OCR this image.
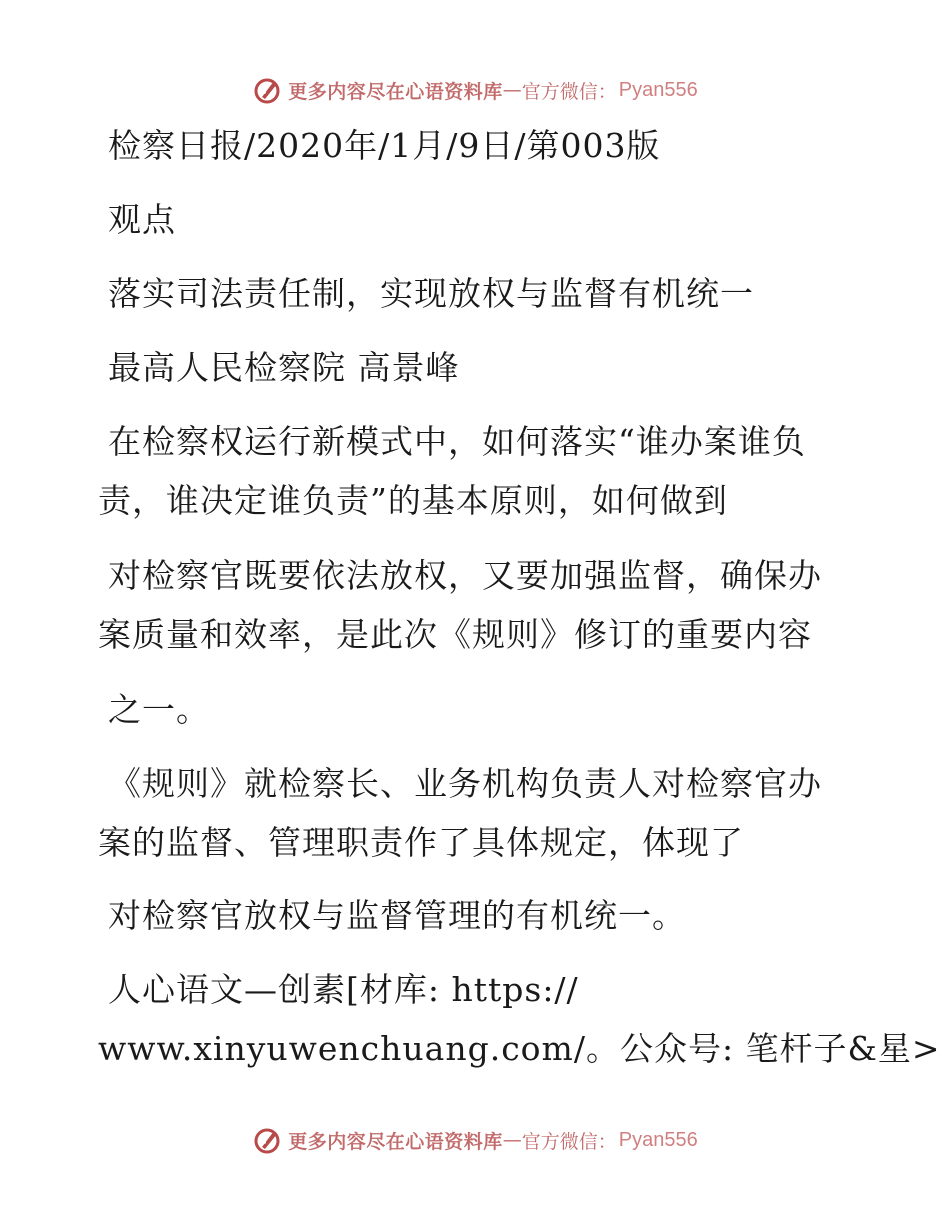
更多内容尽在心语资料库 — 官方微信： Pyan556
检察日报/2020年/1月/9日/第003版
观点
落实司法责任制，实现放权与监督有机统一
最高人民检察院 高景峰
在检察权运行新模式中，如何落实“谁办案谁负
责，谁决定谁负责”的基本原则，如何做到
对检察官既要依法放权，又要加强监督，确保办
案质量和效率，是此次《规则》修订的重要内容
之一。
《规则》就检察长、业务机构负责人对检察官办
案的监督、管理职责作了具体规定，体现了
对检察官放权与监督管理的有机统一。
人心语文—创素[材库: https://
www.xinyuwenchuang.com/。公众号: 笔杆子&星>
更多内容尽在心语资料库 — 官方微信： Pyan556
